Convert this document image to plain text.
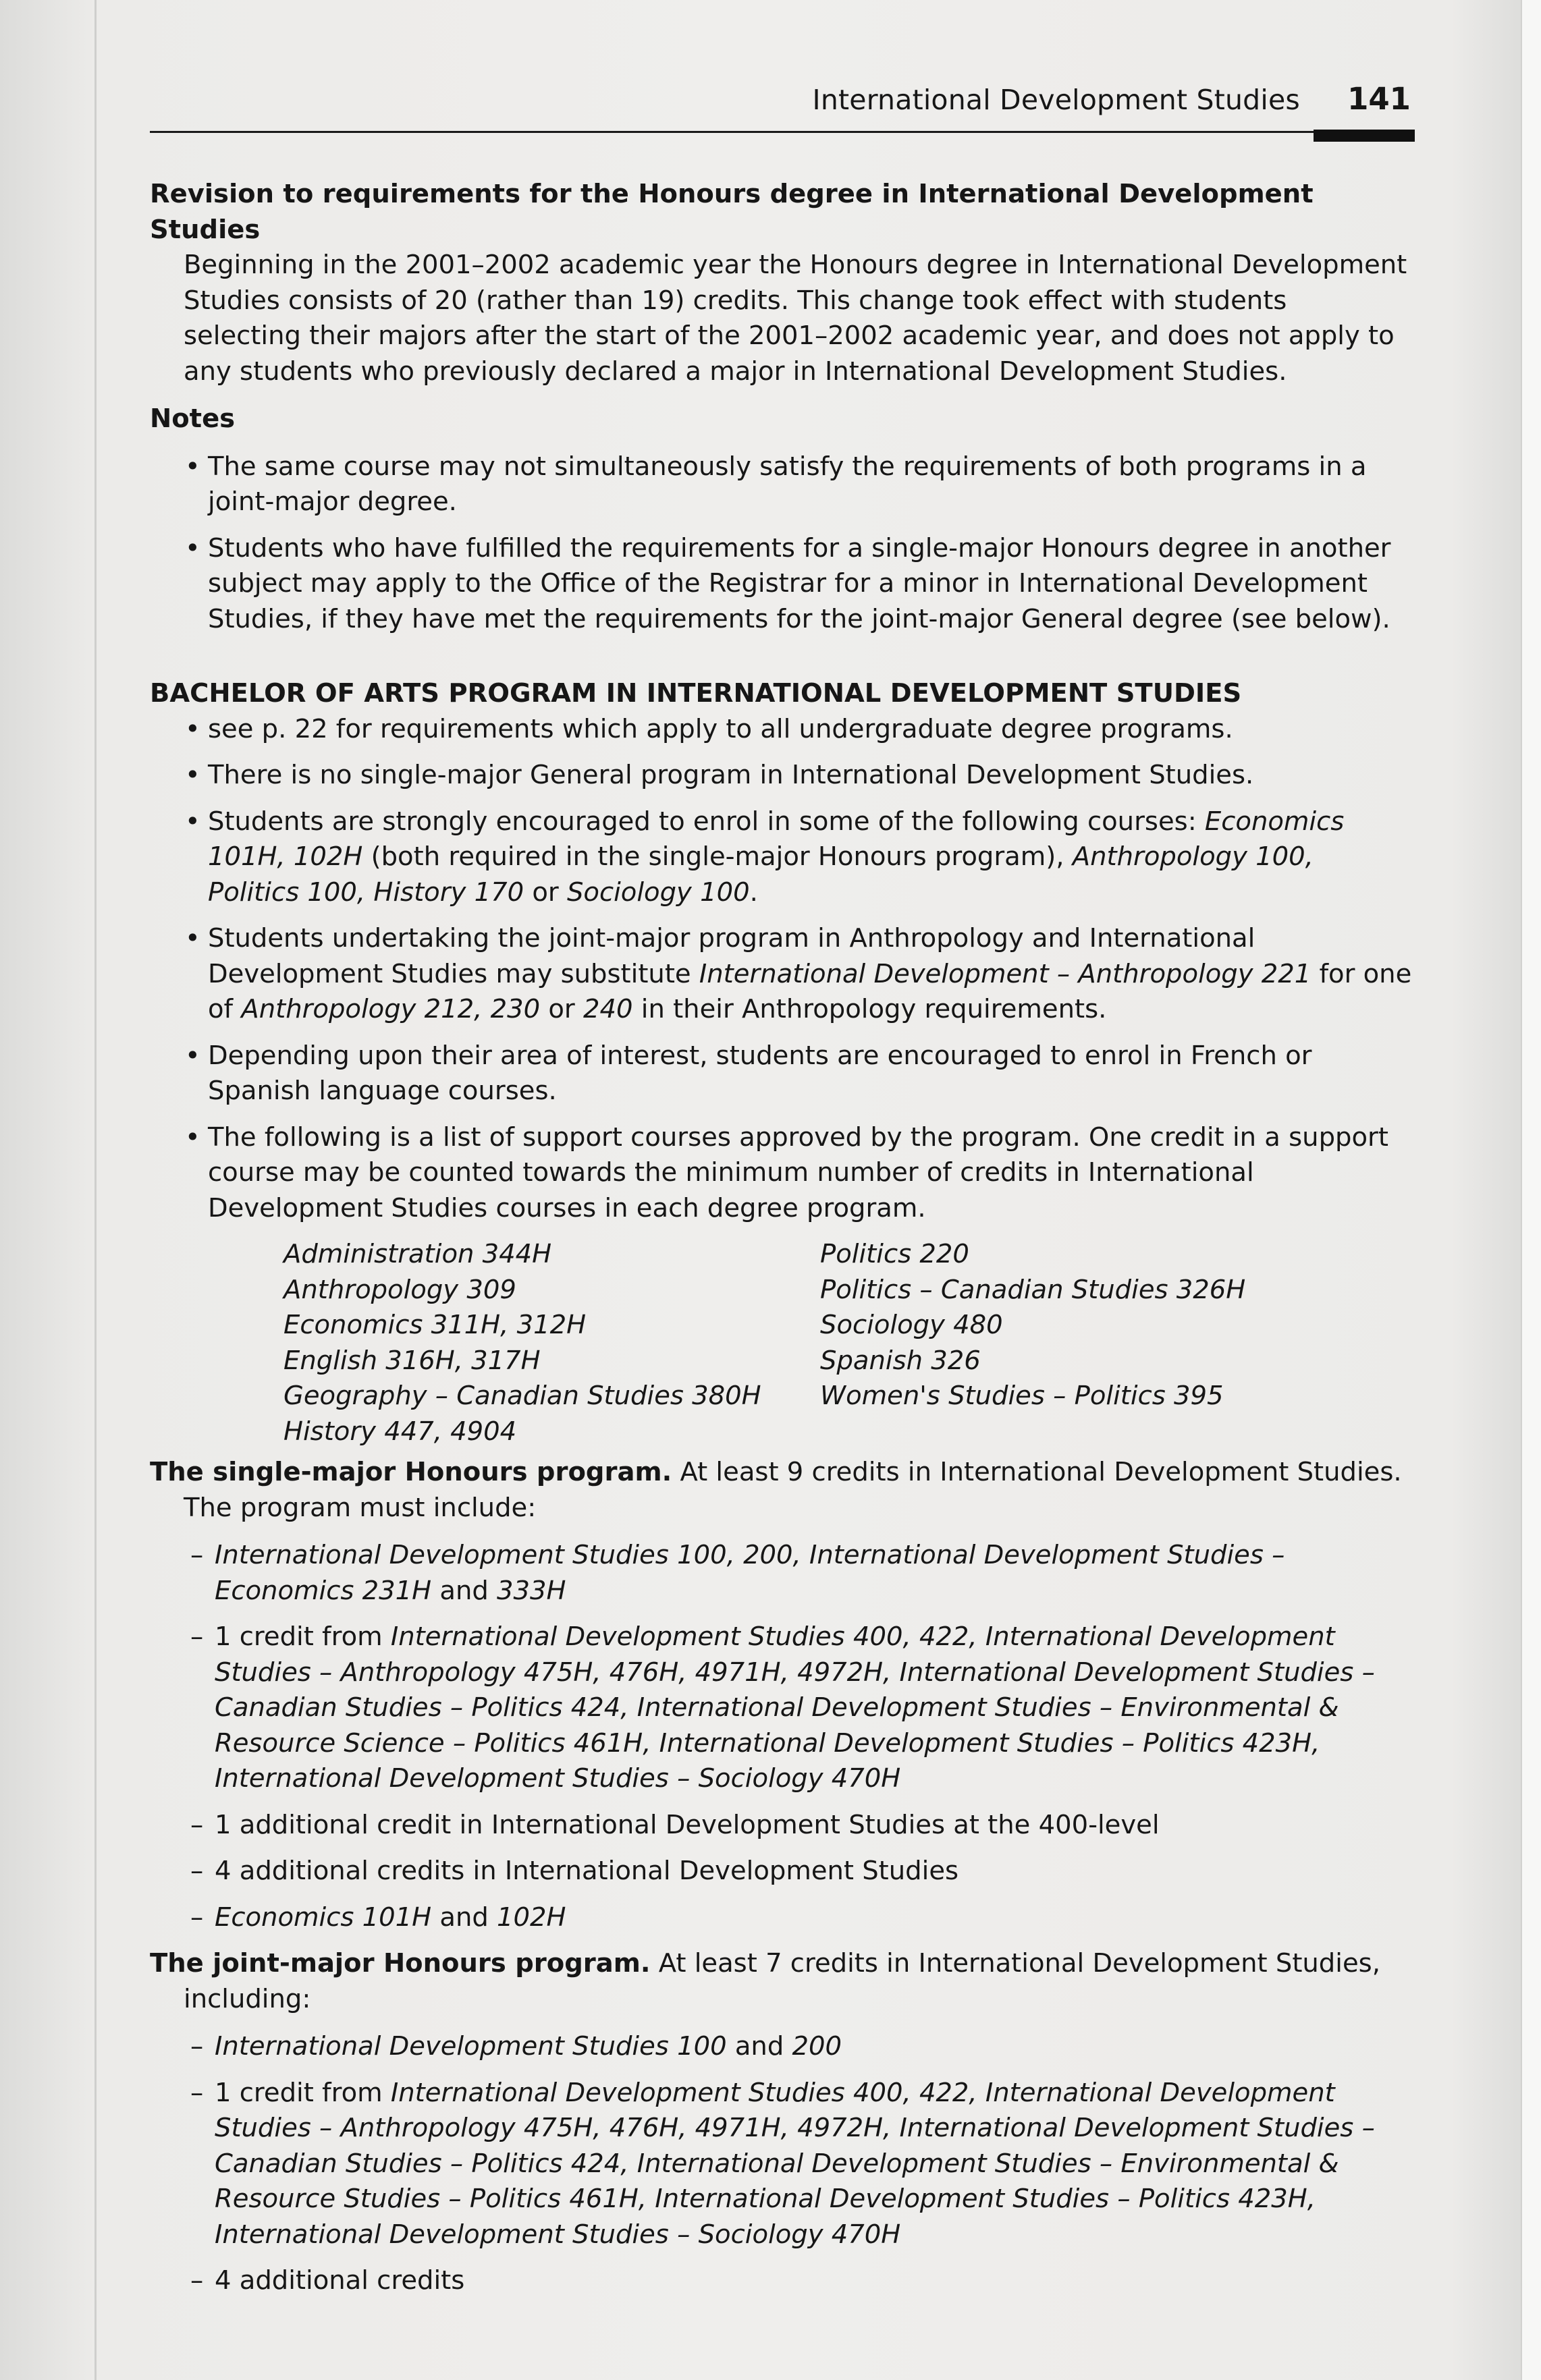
International Development Studies 141

Revision to requirements for the Honours degree in International Development Studies

Beginning in the 2001–2002 academic year the Honours degree in International Development Studies consists of 20 (rather than 19) credits. This change took effect with students selecting their majors after the start of the 2001–2002 academic year, and does not apply to any students who previously declared a major in International Development Studies.

Notes

• The same course may not simultaneously satisfy the requirements of both programs in a joint-major degree.
• Students who have fulfilled the requirements for a single-major Honours degree in another subject may apply to the Office of the Registrar for a minor in International Development Studies, if they have met the requirements for the joint-major General degree (see below).

BACHELOR OF ARTS PROGRAM IN INTERNATIONAL DEVELOPMENT STUDIES

• see p. 22 for requirements which apply to all undergraduate degree programs.
• There is no single-major General program in International Development Studies.
• Students are strongly encouraged to enrol in some of the following courses: Economics 101H, 102H (both required in the single-major Honours program), Anthropology 100, Politics 100, History 170 or Sociology 100.
• Students undertaking the joint-major program in Anthropology and International Development Studies may substitute International Development – Anthropology 221 for one of Anthropology 212, 230 or 240 in their Anthropology requirements.
• Depending upon their area of interest, students are encouraged to enrol in French or Spanish language courses.
• The following is a list of support courses approved by the program. One credit in a support course may be counted towards the minimum number of credits in International Development Studies courses in each degree program.
Administration 344H
Anthropology 309
Economics 311H, 312H
English 316H, 317H
Geography – Canadian Studies 380H
History 447, 4904
Politics 220
Politics – Canadian Studies 326H
Sociology 480
Spanish 326
Women's Studies – Politics 395

The single-major Honours program. At least 9 credits in International Development Studies. The program must include:

– International Development Studies 100, 200, International Development Studies – Economics 231H and 333H
– 1 credit from International Development Studies 400, 422, International Development Studies – Anthropology 475H, 476H, 4971H, 4972H, International Development Studies – Canadian Studies – Politics 424, International Development Studies – Environmental & Resource Science – Politics 461H, International Development Studies – Politics 423H, International Development Studies – Sociology 470H
– 1 additional credit in International Development Studies at the 400-level
– 4 additional credits in International Development Studies
– Economics 101H and 102H

The joint-major Honours program. At least 7 credits in International Development Studies, including:

– International Development Studies 100 and 200
– 1 credit from International Development Studies 400, 422, International Development Studies – Anthropology 475H, 476H, 4971H, 4972H, International Development Studies – Canadian Studies – Politics 424, International Development Studies – Environmental & Resource Studies – Politics 461H, International Development Studies – Politics 423H, International Development Studies – Sociology 470H
– 4 additional credits
